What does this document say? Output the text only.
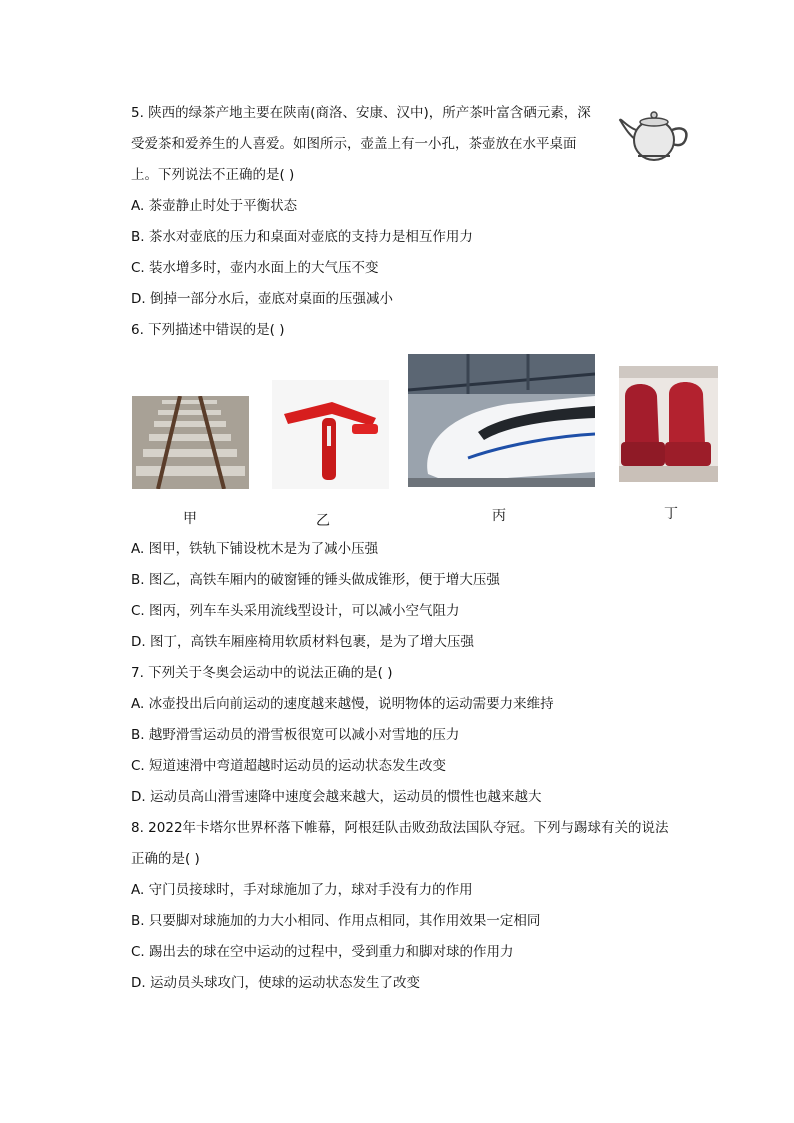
5. 陕西的绿茶产地主要在陕南(商洛、安康、汉中)，所产茶叶富含硒元素，深
受爱茶和爱养生的人喜爱。如图所示，壶盖上有一小孔，茶壶放在水平桌面
上。下列说法不正确的是( )
A. 茶壶静止时处于平衡状态
B. 茶水对壶底的压力和桌面对壶底的支持力是相互作用力
C. 装水增多时，壶内水面上的大气压不变
D. 倒掉一部分水后，壶底对桌面的压强减小
6. 下列描述中错误的是( )
甲	乙	丙	丁
A. 图甲，铁轨下铺设枕木是为了减小压强
B. 图乙，高铁车厢内的破窗锤的锤头做成锥形，便于增大压强
C. 图丙，列车车头采用流线型设计，可以减小空气阻力
D. 图丁，高铁车厢座椅用软质材料包裹，是为了增大压强
7. 下列关于冬奥会运动中的说法正确的是( )
A. 冰壶投出后向前运动的速度越来越慢，说明物体的运动需要力来维持
B. 越野滑雪运动员的滑雪板很宽可以减小对雪地的压力
C. 短道速滑中弯道超越时运动员的运动状态发生改变
D. 运动员高山滑雪速降中速度会越来越大，运动员的惯性也越来越大
8. 2022年卡塔尔世界杯落下帷幕，阿根廷队击败劲敌法国队夺冠。下列与踢球有关的说法
正确的是( )
A. 守门员接球时，手对球施加了力，球对手没有力的作用
B. 只要脚对球施加的力大小相同、作用点相同，其作用效果一定相同
C. 踢出去的球在空中运动的过程中，受到重力和脚对球的作用力
D. 运动员头球攻门，使球的运动状态发生了改变
